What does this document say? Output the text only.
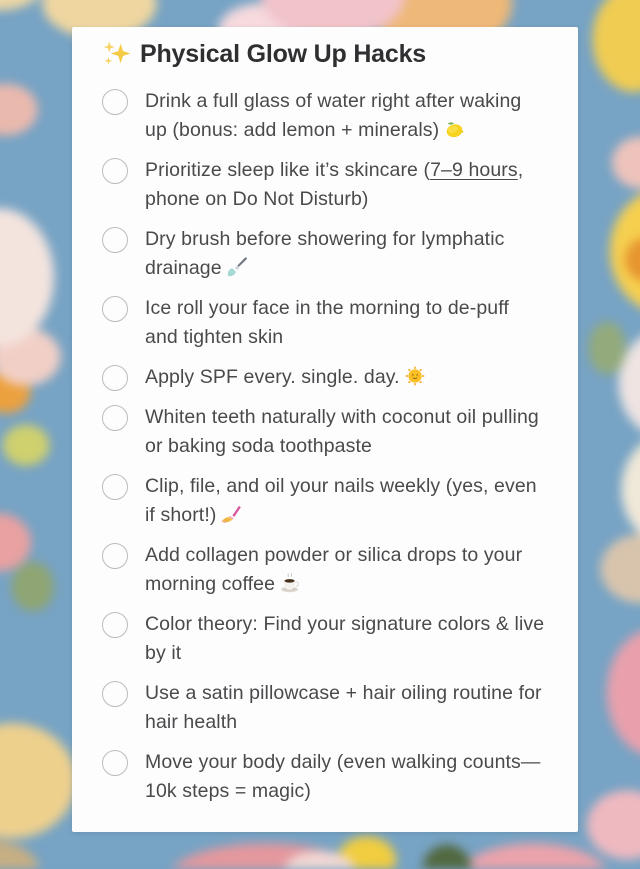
Physical Glow Up Hacks

Drink a full glass of water right after waking up (bonus: add lemon + minerals)

Prioritize sleep like it’s skincare (7–9 hours, phone on Do Not Disturb)

Dry brush before showering for lymphatic drainage

Ice roll your face in the morning to de-puff and tighten skin

Apply SPF every. single. day.

Whiten teeth naturally with coconut oil pulling or baking soda toothpaste

Clip, file, and oil your nails weekly (yes, even if short!)

Add collagen powder or silica drops to your morning coffee

Color theory: Find your signature colors & live by it

Use a satin pillowcase + hair oiling routine for hair health

Move your body daily (even walking counts—10k steps = magic)
